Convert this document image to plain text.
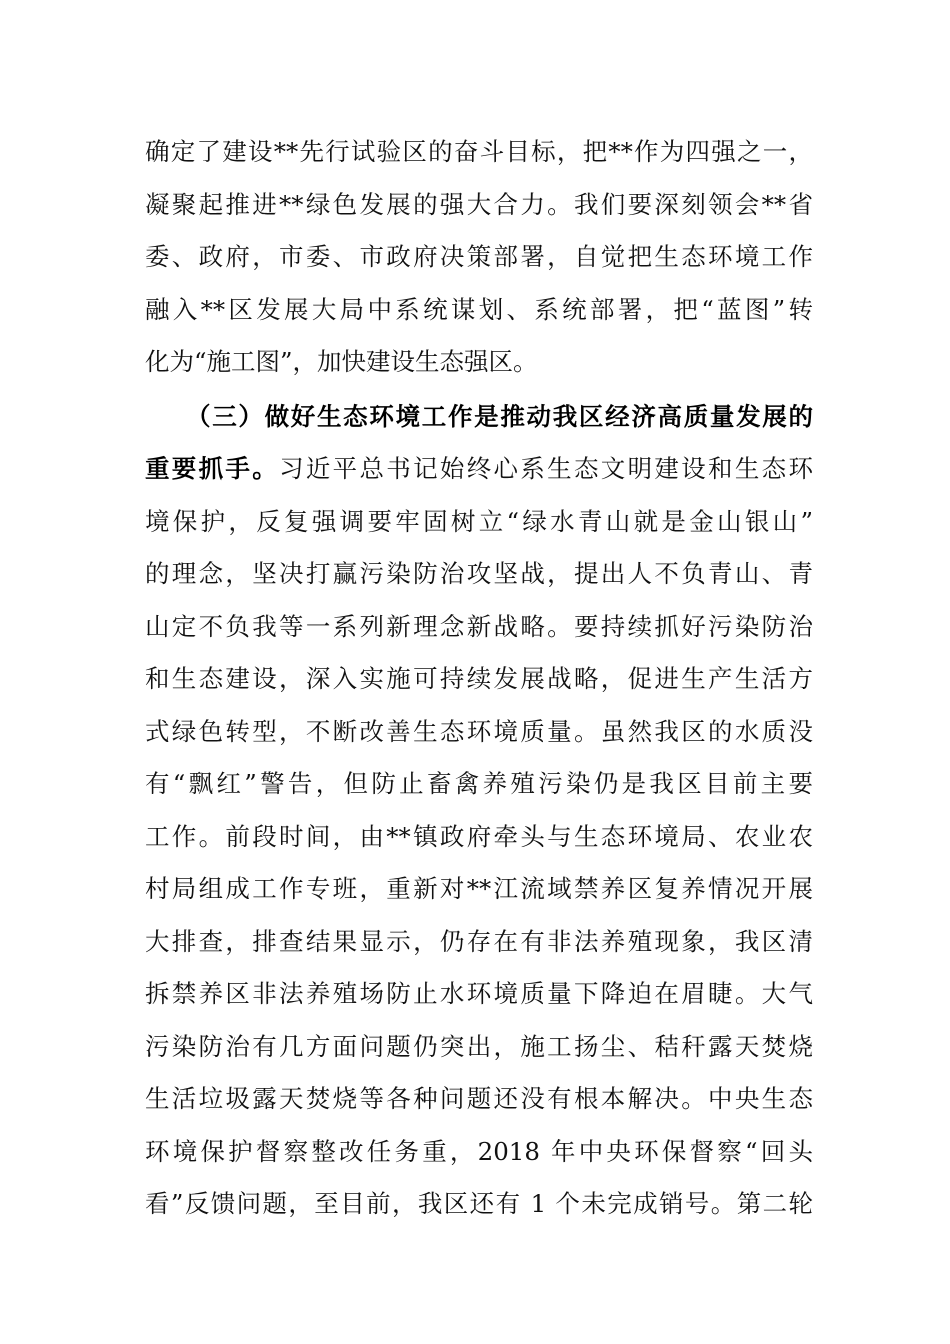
确定了建设**先行试验区的奋斗目标，把**作为四强之一，
凝聚起推进**绿色发展的强大合力。我们要深刻领会**省
委、政府，市委、市政府决策部署，自觉把生态环境工作
融入**区发展大局中系统谋划、系统部署，把“蓝图”转
化为“施工图”，加快建设生态强区。
（三）做好生态环境工作是推动我区经济高质量发展的
重要抓手。习近平总书记始终心系生态文明建设和生态环
境保护，反复强调要牢固树立“绿水青山就是金山银山”
的理念，坚决打赢污染防治攻坚战，提出人不负青山、青
山定不负我等一系列新理念新战略。要持续抓好污染防治
和生态建设，深入实施可持续发展战略，促进生产生活方
式绿色转型，不断改善生态环境质量。虽然我区的水质没
有“飘红”警告，但防止畜禽养殖污染仍是我区目前主要
工作。前段时间，由**镇政府牵头与生态环境局、农业农
村局组成工作专班，重新对**江流域禁养区复养情况开展
大排查，排查结果显示，仍存在有非法养殖现象，我区清
拆禁养区非法养殖场防止水环境质量下降迫在眉睫。大气
污染防治有几方面问题仍突出，施工扬尘、秸秆露天焚烧
生活垃圾露天焚烧等各种问题还没有根本解决。中央生态
环境保护督察整改任务重，2018 年中央环保督察“回头
看”反馈问题，至目前，我区还有 1 个未完成销号。第二轮
